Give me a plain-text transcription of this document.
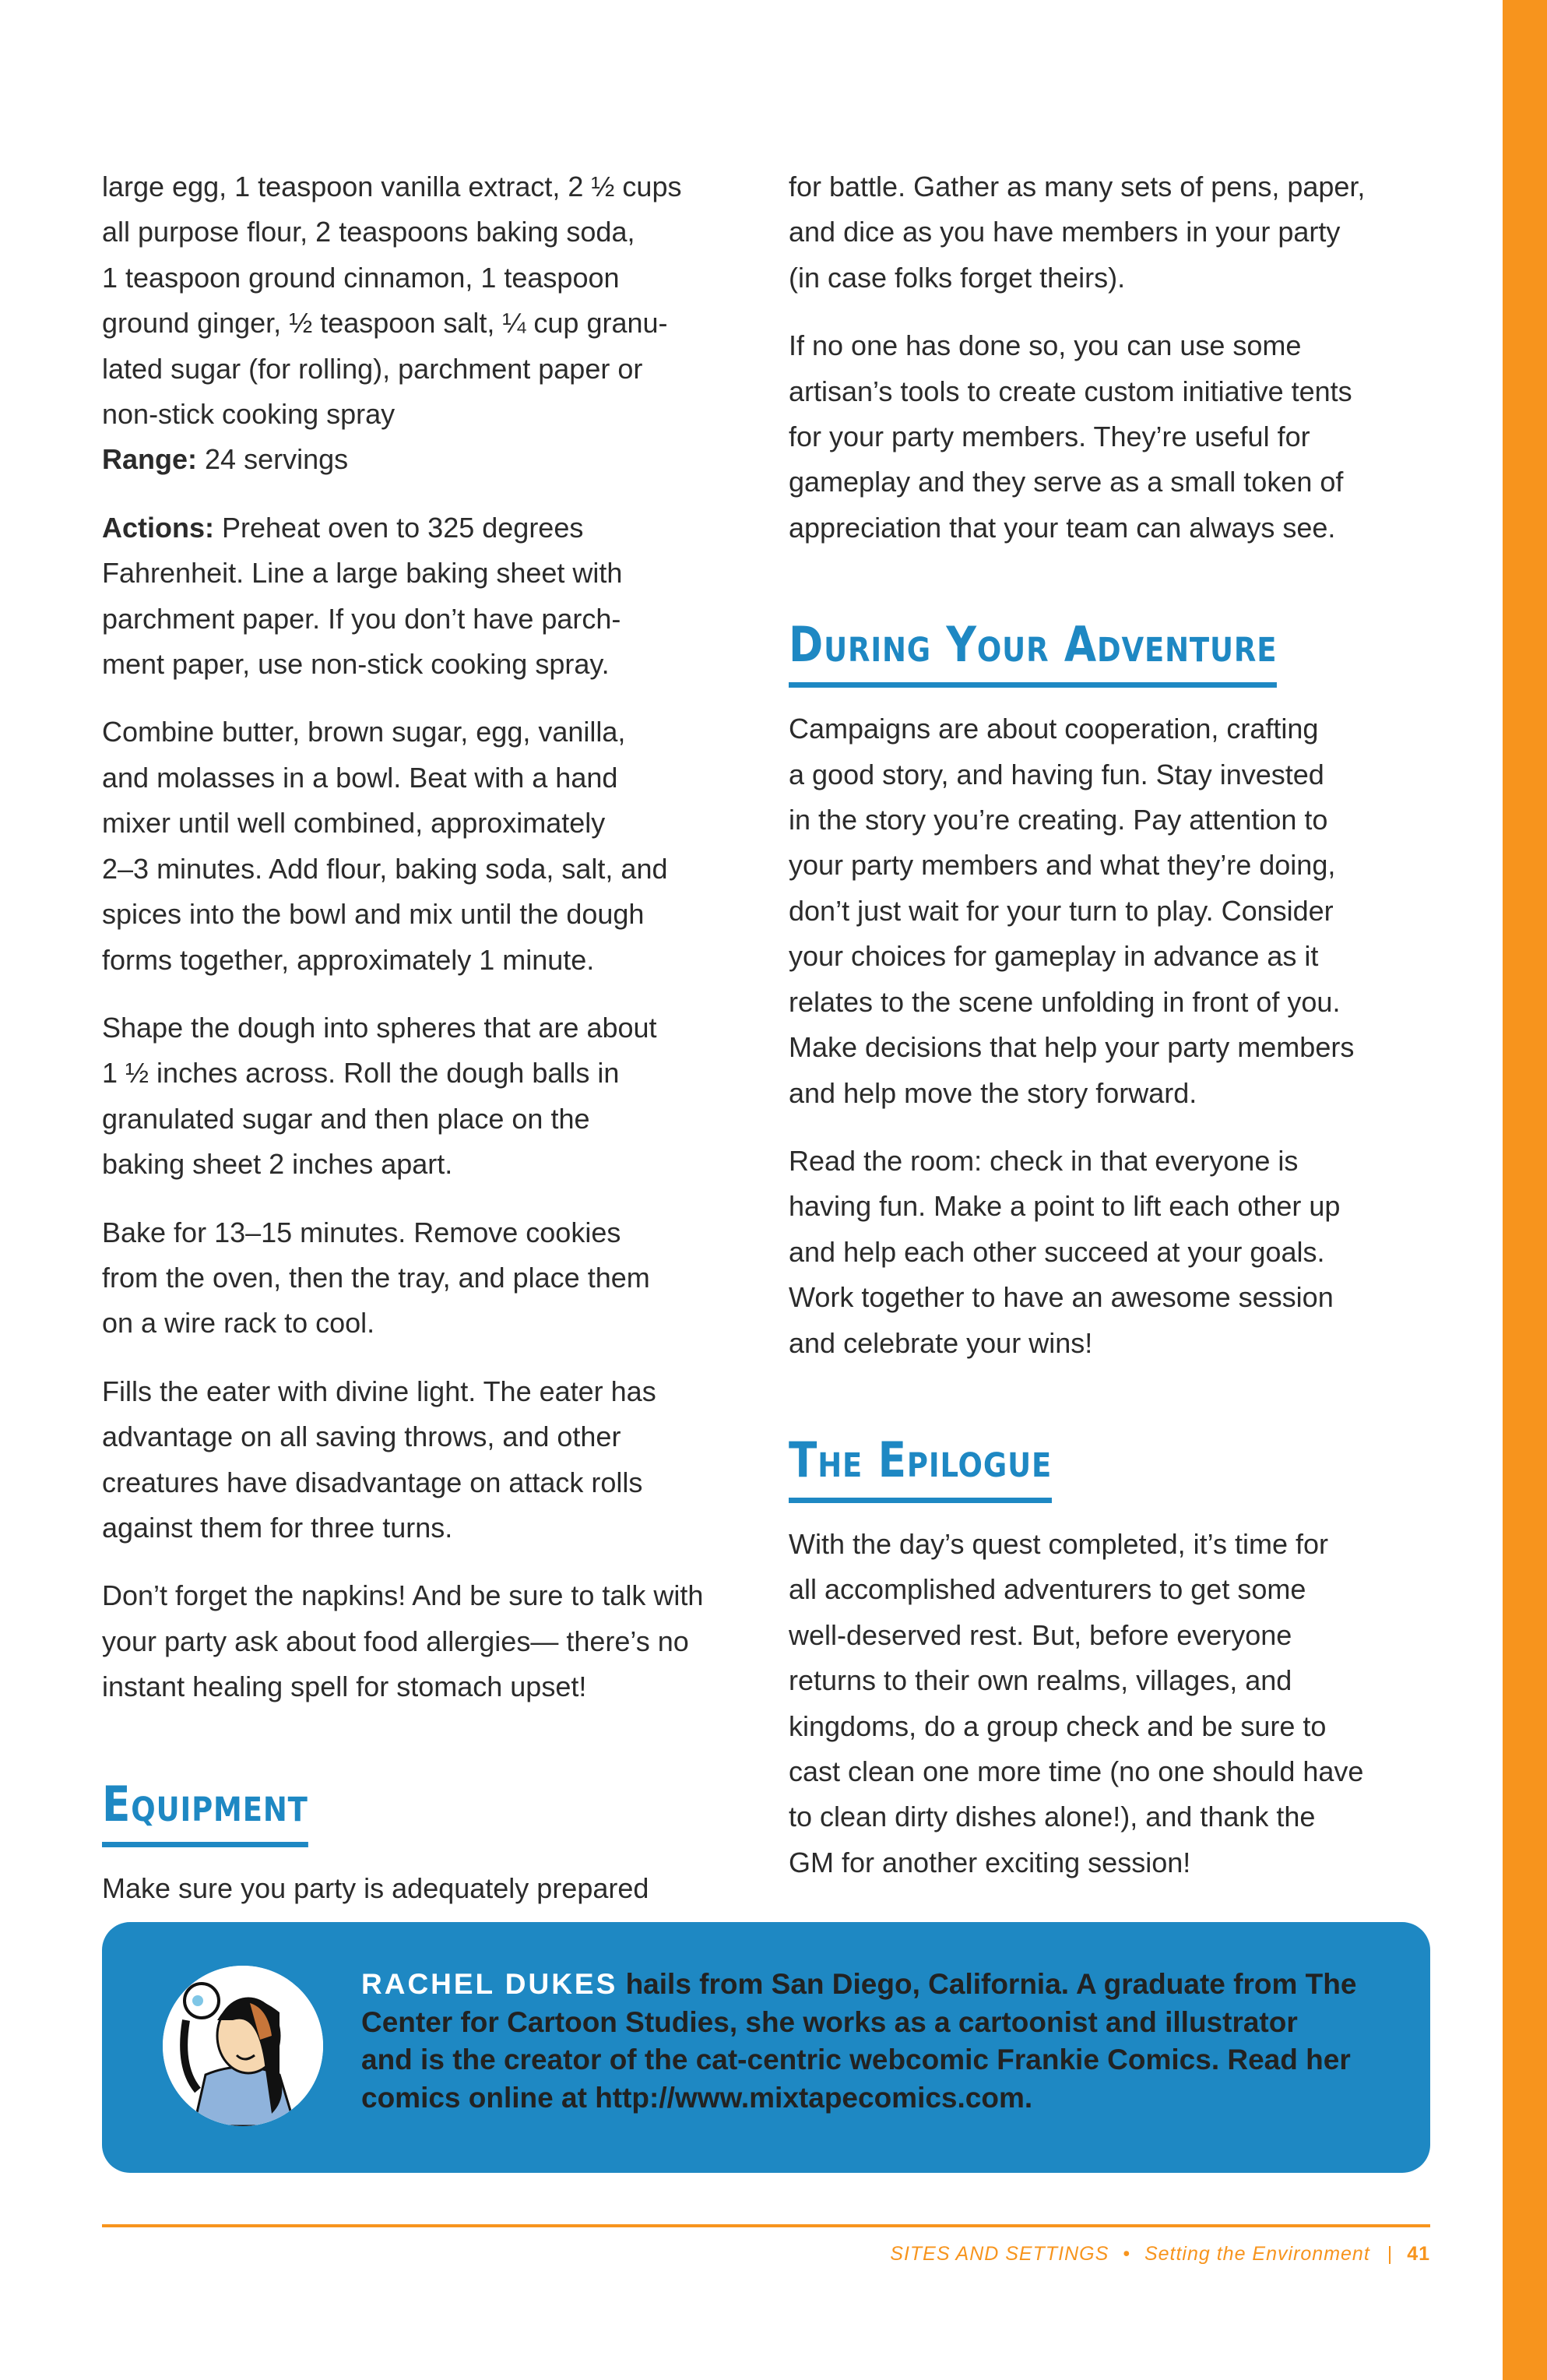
large egg, 1 teaspoon vanilla extract, 2 ½ cups
all purpose flour, 2 teaspoons baking soda,
1 teaspoon ground cinnamon, 1 teaspoon
ground ginger, ½ teaspoon salt, ¼ cup granu-
lated sugar (for rolling), parchment paper or
non-stick cooking spray
Range: 24 servings
Actions: Preheat oven to 325 degrees
Fahrenheit. Line a large baking sheet with
parchment paper. If you don’t have parch-
ment paper, use non-stick cooking spray.
Combine butter, brown sugar, egg, vanilla,
and molasses in a bowl. Beat with a hand
mixer until well combined, approximately
2–3 minutes. Add flour, baking soda, salt, and
spices into the bowl and mix until the dough
forms together, approximately 1 minute.
Shape the dough into spheres that are about
1 ½ inches across. Roll the dough balls in
granulated sugar and then place on the
baking sheet 2 inches apart.
Bake for 13–15 minutes. Remove cookies
from the oven, then the tray, and place them
on a wire rack to cool.
Fills the eater with divine light. The eater has
advantage on all saving throws, and other
creatures have disadvantage on attack rolls
against them for three turns.
Don’t forget the napkins! And be sure to talk with
your party ask about food allergies— there’s no
instant healing spell for stomach upset!
Equipment
Make sure you party is adequately prepared
for battle. Gather as many sets of pens, paper,
and dice as you have members in your party
(in case folks forget theirs).
If no one has done so, you can use some
artisan’s tools to create custom initiative tents
for your party members. They’re useful for
gameplay and they serve as a small token of
appreciation that your team can always see.
During Your Adventure
Campaigns are about cooperation, crafting
a good story, and having fun. Stay invested
in the story you’re creating. Pay attention to
your party members and what they’re doing,
don’t just wait for your turn to play. Consider
your choices for gameplay in advance as it
relates to the scene unfolding in front of you.
Make decisions that help your party members
and help move the story forward.
Read the room: check in that everyone is
having fun. Make a point to lift each other up
and help each other succeed at your goals.
Work together to have an awesome session
and celebrate your wins!
The Epilogue
With the day’s quest completed, it’s time for
all accomplished adventurers to get some
well-deserved rest. But, before everyone
returns to their own realms, villages, and
kingdoms, do a group check and be sure to
cast clean one more time (no one should have
to clean dirty dishes alone!), and thank the
GM for another exciting session!
RACHEL DUKES hails from San Diego, California. A graduate from The
Center for Cartoon Studies, she works as a cartoonist and illustrator
and is the creator of the cat-centric webcomic Frankie Comics. Read her
comics online at http://www.mixtapecomics.com.
SITES AND SETTINGS • Setting the Environment | 41
